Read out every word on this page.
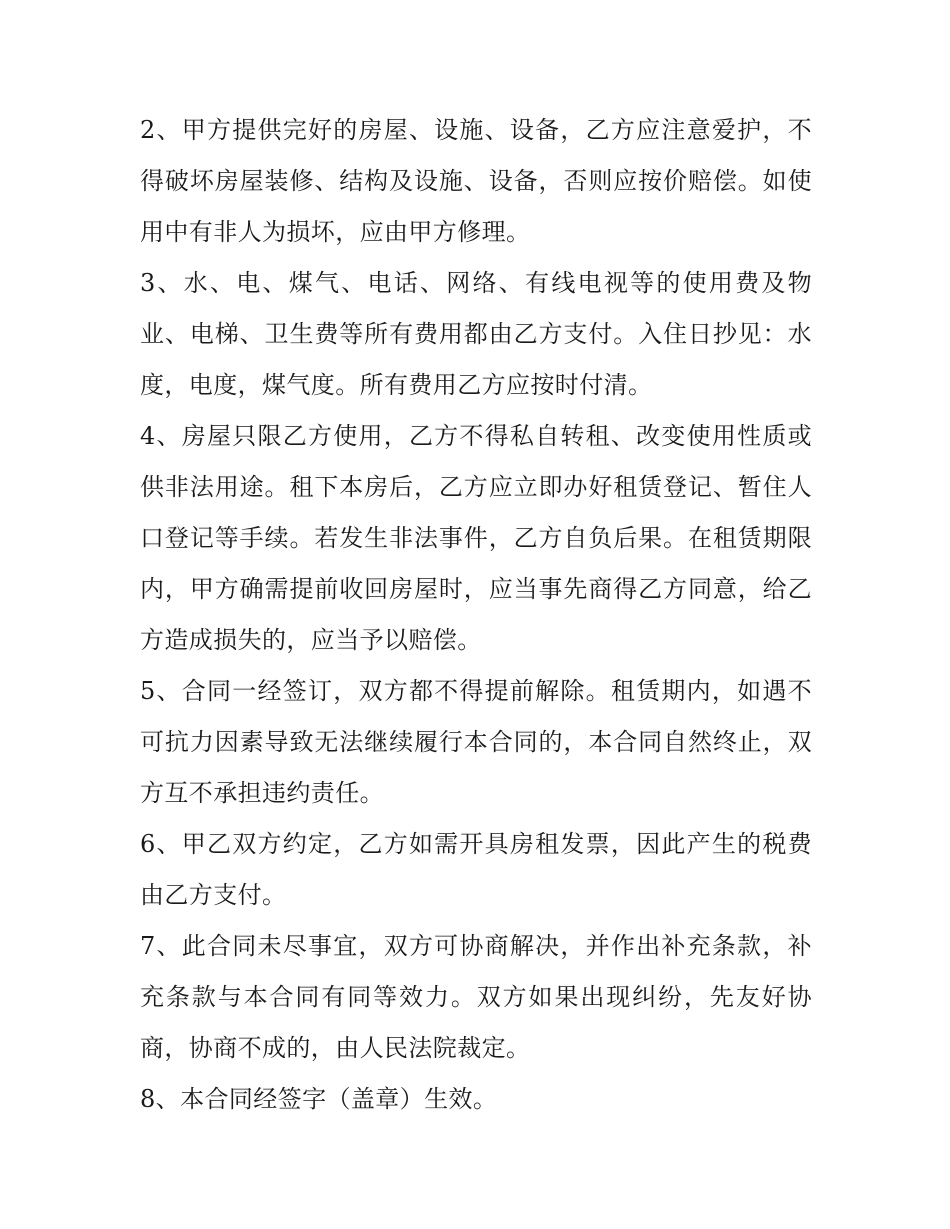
2、甲方提供完好的房屋、设施、设备，乙方应注意爱护，不
得破坏房屋装修、结构及设施、设备，否则应按价赔偿。如使
用中有非人为损坏，应由甲方修理。
3、水、电、煤气、电话、网络、有线电视等的使用费及物
业、电梯、卫生费等所有费用都由乙方支付。入住日抄见：水
度，电度，煤气度。所有费用乙方应按时付清。
4、房屋只限乙方使用，乙方不得私自转租、改变使用性质或
供非法用途。租下本房后，乙方应立即办好租赁登记、暂住人
口登记等手续。若发生非法事件，乙方自负后果。在租赁期限
内，甲方确需提前收回房屋时，应当事先商得乙方同意，给乙
方造成损失的，应当予以赔偿。
5、合同一经签订，双方都不得提前解除。租赁期内，如遇不
可抗力因素导致无法继续履行本合同的，本合同自然终止，双
方互不承担违约责任。
6、甲乙双方约定，乙方如需开具房租发票，因此产生的税费
由乙方支付。
7、此合同未尽事宜，双方可协商解决，并作出补充条款，补
充条款与本合同有同等效力。双方如果出现纠纷，先友好协
商，协商不成的，由人民法院裁定。
8、本合同经签字（盖章）生效。
